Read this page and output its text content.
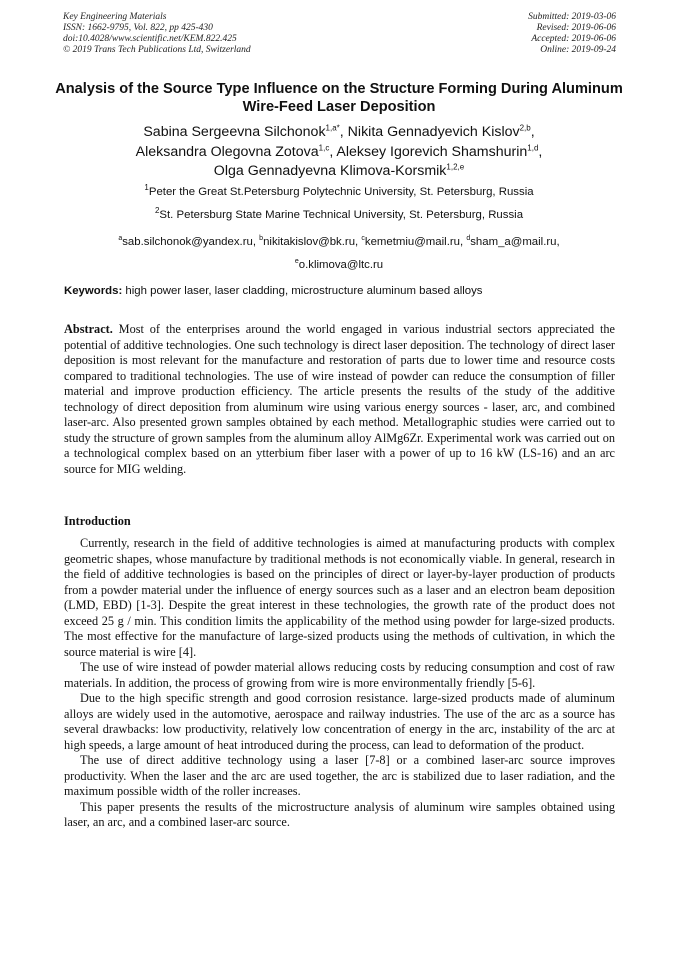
Key Engineering Materials
ISSN: 1662-9795, Vol. 822, pp 425-430
doi:10.4028/www.scientific.net/KEM.822.425
© 2019 Trans Tech Publications Ltd, Switzerland
Submitted: 2019-03-06
Revised: 2019-06-06
Accepted: 2019-06-06
Online: 2019-09-24
Analysis of the Source Type Influence on the Structure Forming During Aluminum Wire-Feed Laser Deposition
Sabina Sergeevna Silchonok$^{1,a*}$, Nikita Gennadyevich Kislov$^{2,b}$,
Aleksandra Olegovna Zotova$^{1,c}$, Aleksey Igorevich Shamshurin$^{1,d}$,
Olga Gennadyevna Klimova-Korsmik$^{1,2,e}$
$^1$Peter the Great St.Petersburg Polytechnic University, St. Petersburg, Russia
$^2$St. Petersburg State Marine Technical University, St. Petersburg, Russia
$^a$sab.silchonok@yandex.ru, $^b$nikitakislov@bk.ru, $^c$kemetmiu@mail.ru, $^d$sham_a@mail.ru,
$^e$o.klimova@ltc.ru
Keywords: high power laser, laser cladding, microstructure aluminum based alloys
Abstract. Most of the enterprises around the world engaged in various industrial sectors appreciated the potential of additive technologies. One such technology is direct laser deposition. The technology of direct laser deposition is most relevant for the manufacture and restoration of parts due to lower time and resource costs compared to traditional technologies. The use of wire instead of powder can reduce the consumption of filler material and improve production efficiency. The article presents the results of the study of the additive technology of direct deposition from aluminum wire using various energy sources - laser, arc, and combined laser-arc. Also presented grown samples obtained by each method. Metallographic studies were carried out to study the structure of grown samples from the aluminum alloy AlMg6Zr. Experimental work was carried out on a technological complex based on an ytterbium fiber laser with a power of up to 16 kW (LS-16) and an arc source for MIG welding.
Introduction

Currently, research in the field of additive technologies is aimed at manufacturing products with complex geometric shapes, whose manufacture by traditional methods is not economically viable. In general, research in the field of additive technologies is based on the principles of direct or layer-by-layer production of products from a powder material under the influence of energy sources such as a laser and an electron beam deposition (LMD, EBD) [1-3]. Despite the great interest in these technologies, the growth rate of the product does not exceed 25 g / min. This condition limits the applicability of the method using powder for large-sized products. The most effective for the manufacture of large-sized products using the methods of cultivation, in which the source material is wire [4].

The use of wire instead of powder material allows reducing costs by reducing consumption and cost of raw materials. In addition, the process of growing from wire is more environmentally friendly [5-6].

Due to the high specific strength and good corrosion resistance. large-sized products made of aluminum alloys are widely used in the automotive, aerospace and railway industries. The use of the arc as a source has several drawbacks: low productivity, relatively low concentration of energy in the arc, instability of the arc at high speeds, a large amount of heat introduced during the process, can lead to deformation of the product.

The use of direct additive technology using a laser [7-8] or a combined laser-arc source improves productivity. When the laser and the arc are used together, the arc is stabilized due to laser radiation, and the maximum possible width of the roller increases.

This paper presents the results of the microstructure analysis of aluminum wire samples obtained using laser, an arc, and a combined laser-arc source.
